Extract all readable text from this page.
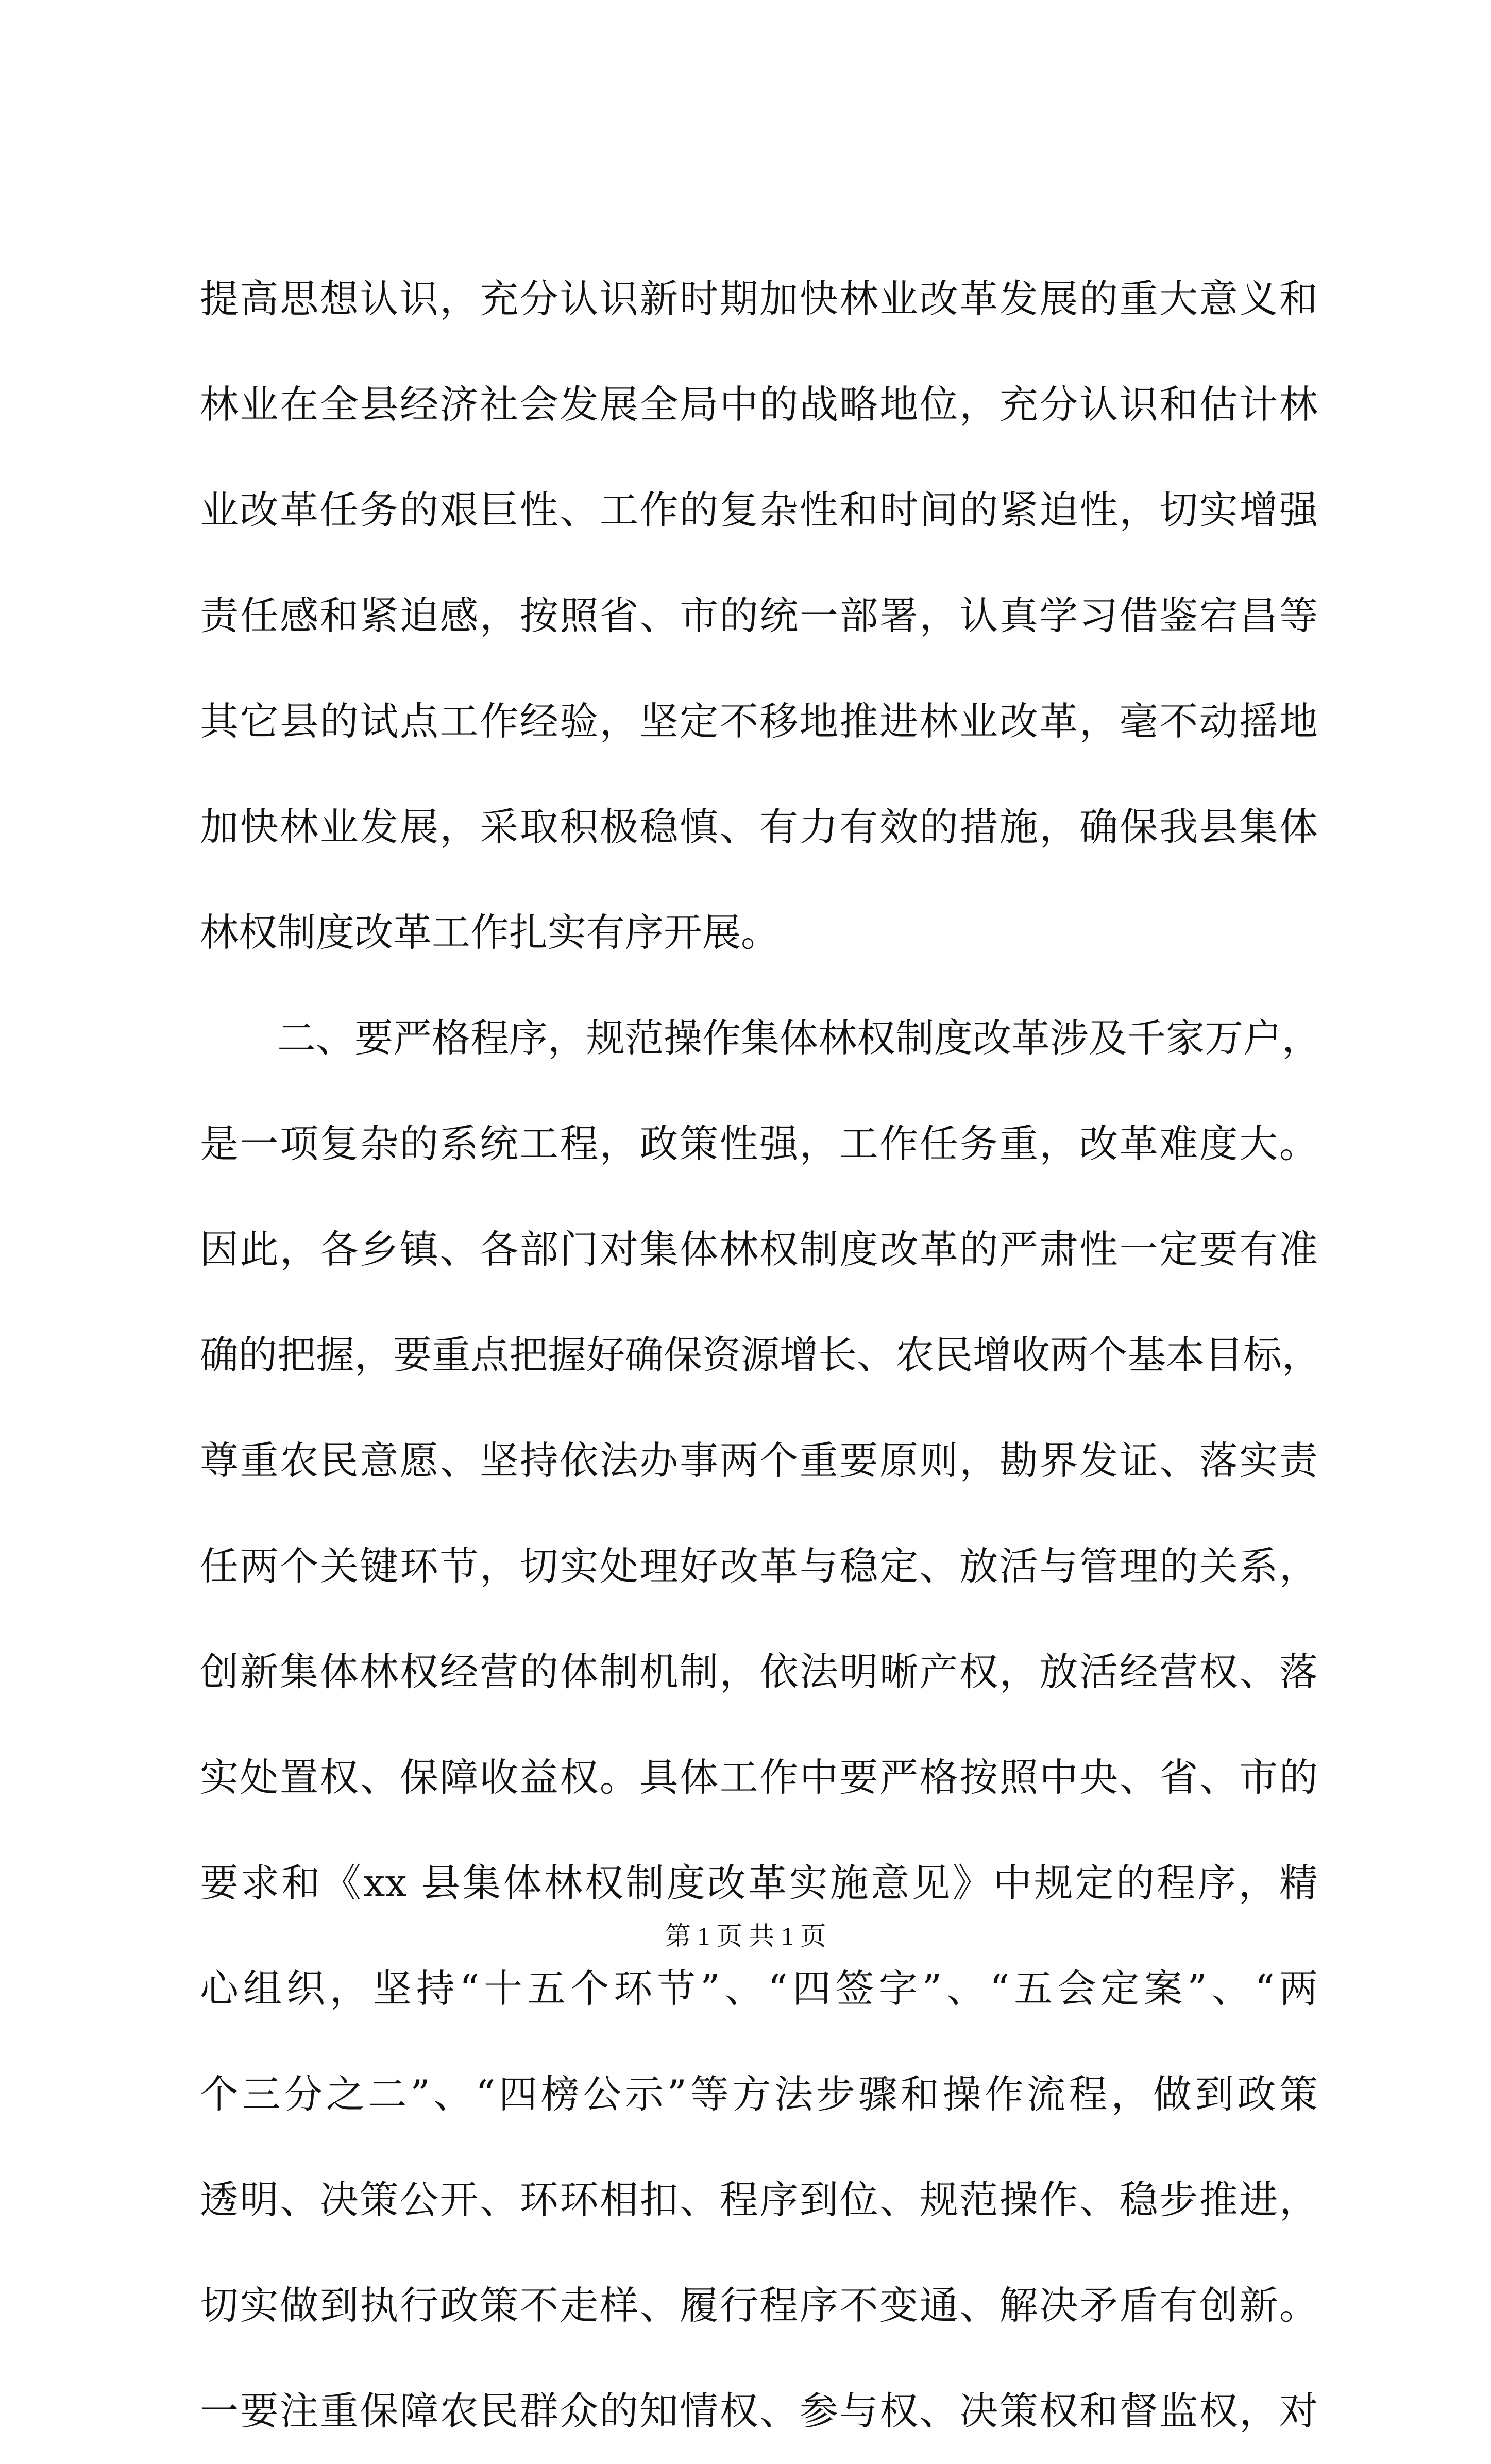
提高思想认识，充分认识新时期加快林业改革发展的重大意义和
林业在全县经济社会发展全局中的战略地位，充分认识和估计林
业改革任务的艰巨性、工作的复杂性和时间的紧迫性，切实增强
责任感和紧迫感，按照省、市的统一部署，认真学习借鉴宕昌等
其它县的试点工作经验，坚定不移地推进林业改革，毫不动摇地
加快林业发展，采取积极稳慎、有力有效的措施，确保我县集体
林权制度改革工作扎实有序开展。
二、要严格程序，规范操作集体林权制度改革涉及千家万户，
是一项复杂的系统工程，政策性强，工作任务重，改革难度大。
因此，各乡镇、各部门对集体林权制度改革的严肃性一定要有准
确的把握，要重点把握好确保资源增长、农民增收两个基本目标，
尊重农民意愿、坚持依法办事两个重要原则，勘界发证、落实责
任两个关键环节，切实处理好改革与稳定、放活与管理的关系，
创新集体林权经营的体制机制，依法明晰产权，放活经营权、落
实处置权、保障收益权。具体工作中要严格按照中央、省、市的
要求和《xx 县集体林权制度改革实施意见》中规定的程序，精
心组织，坚持“十五个环节”、“四签字”、“五会定案”、“两
个三分之二”、“四榜公示”等方法步骤和操作流程，做到政策
透明、决策公开、环环相扣、程序到位、规范操作、稳步推进，
切实做到执行政策不走样、履行程序不变通、解决矛盾有创新。
一要注重保障农民群众的知情权、参与权、决策权和督监权，对
第 1 页 共 1 页
